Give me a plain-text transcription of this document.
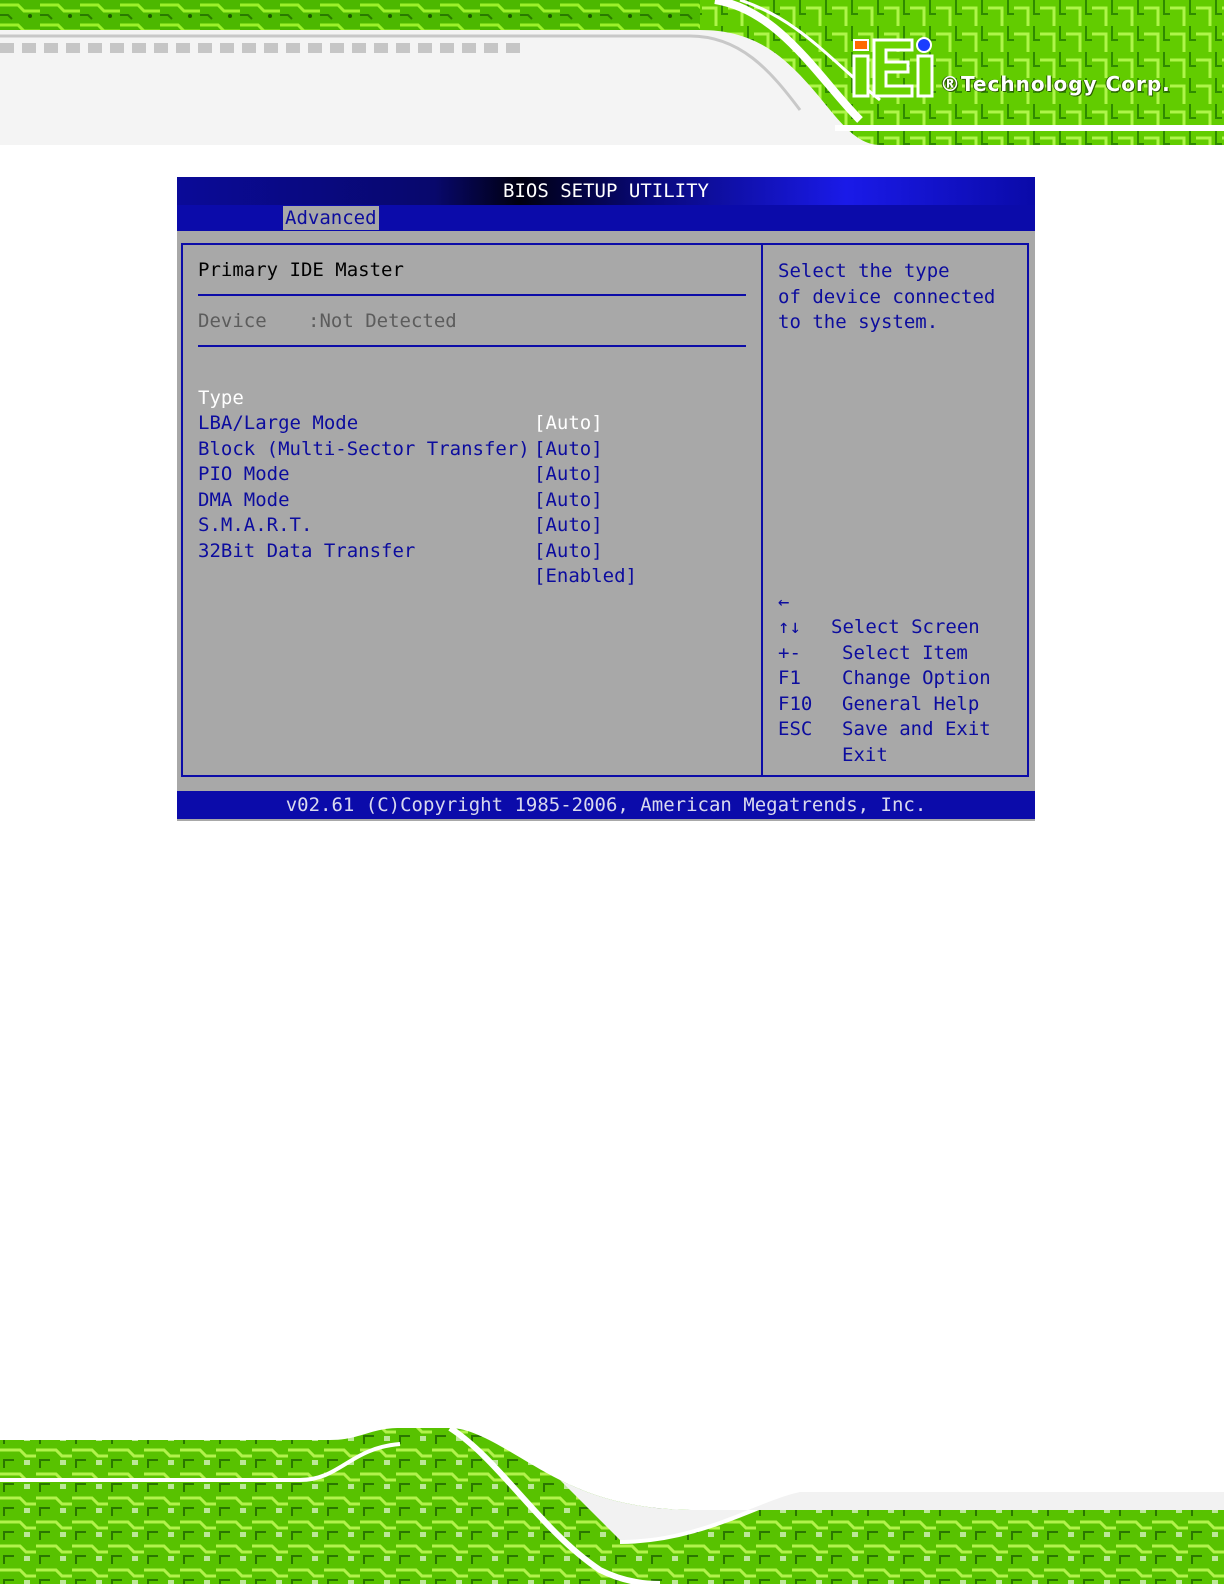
®Technology Corp.
BIOS SETUP UTILITY
Advanced
Primary IDE Master
Device :Not Detected

Type

[Auto]

LBA/Large Mode

[Auto]

Block (Multi-Sector Transfer)

[Auto]

PIO Mode

[Auto]

DMA Mode

[Auto]

S.M.A.R.T.

[Auto]

32Bit Data Transfer

[Enabled]

Select the type
of device connected
to the system.

←

Select Screen

↑↓

Select Item

+-

Change Option

F1

General Help

F10

Save and Exit

ESC

Exit

v02.61 (C)Copyright 1985-2006, American Megatrends, Inc.
